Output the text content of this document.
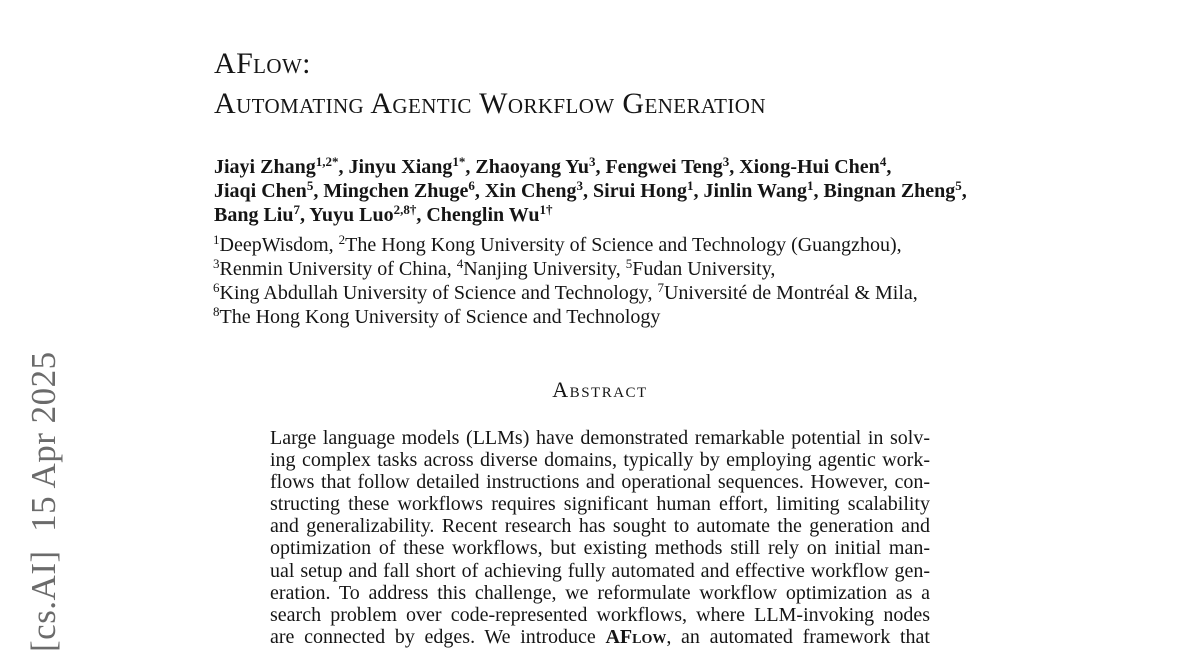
[cs.AI]  15 Apr 2025
AFlow:
Automating Agentic Workflow Generation
Jiayi Zhang$^{1,2*}$, Jinyu Xiang$^{1*}$, Zhaoyang Yu$^3$, Fengwei Teng$^3$, Xiong-Hui Chen$^4$,
Jiaqi Chen$^5$, Mingchen Zhuge$^6$, Xin Cheng$^3$, Sirui Hong$^1$, Jinlin Wang$^1$, Bingnan Zheng$^5$,
Bang Liu$^7$, Yuyu Luo$^{2,8\dagger}$, Chenglin $Wu^{1\dagger}$
$^1$DeepWisdom, $^2$The Hong Kong University of Science and Technology (Guangzhou),
$^3$Renmin University of China, $^4$Nanjing University, $^5$Fudan University,
$^6$King Abdullah University of Science and Technology, $^7$Université de Montréal & Mila,
$^8$The Hong Kong University of Science and Technology
Abstract
Large language models (LLMs) have demonstrated remarkable potential in solv-
ing complex tasks across diverse domains, typically by employing agentic work-
flows that follow detailed instructions and operational sequences. However, con-
structing these workflows requires significant human effort, limiting scalability
and generalizability. Recent research has sought to automate the generation and
optimization of these workflows, but existing methods still rely on initial man-
ual setup and fall short of achieving fully automated and effective workflow gen-
eration. To address this challenge, we reformulate workflow optimization as a
search problem over code-represented workflows, where LLM-invoking nodes
are connected by edges. We introduce AFlow, an automated framework that
